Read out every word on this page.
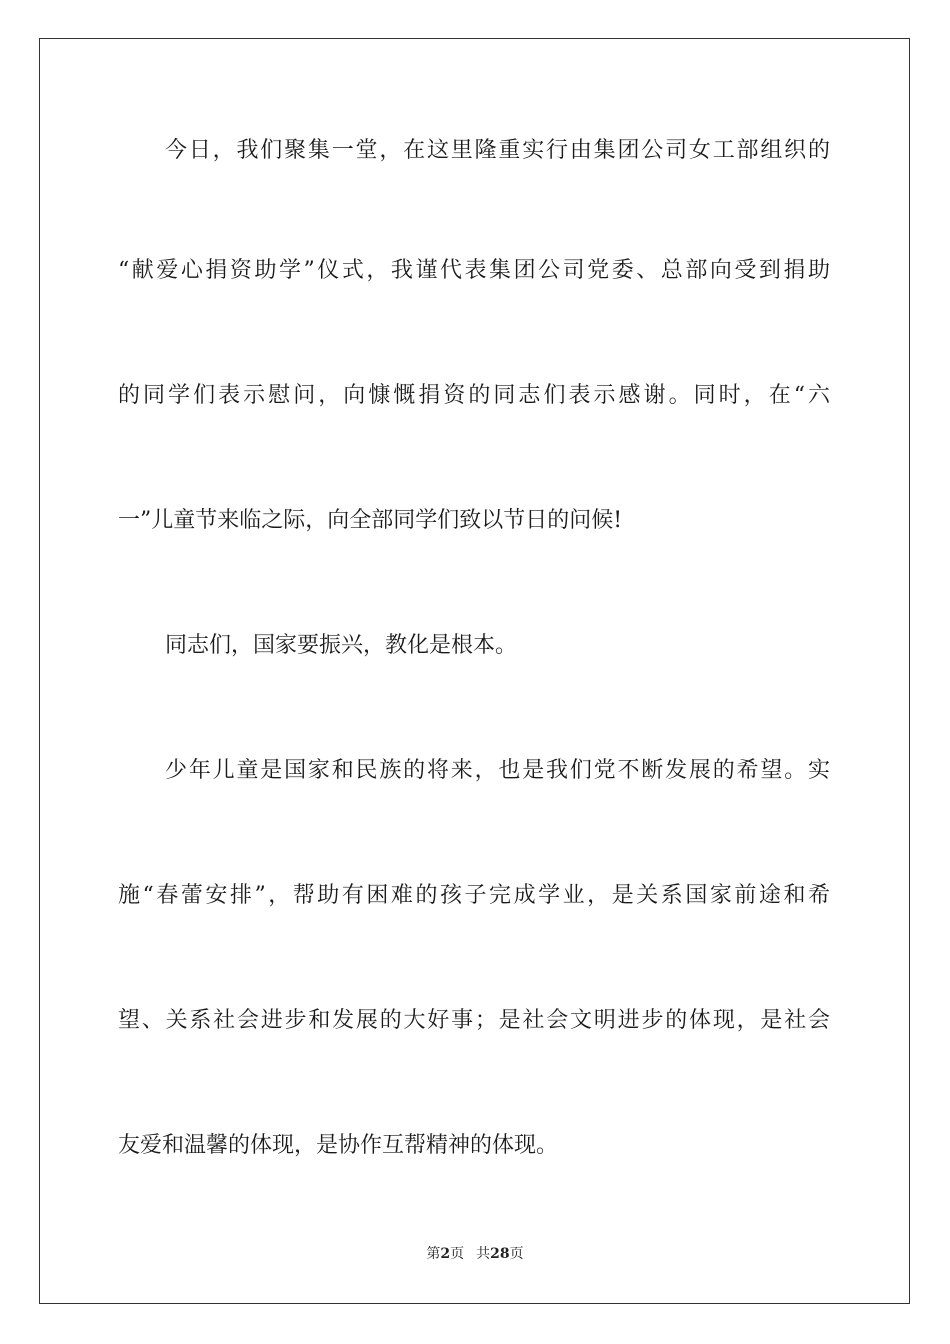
今日，我们聚集一堂，在这里隆重实行由集团公司女工部组织的
“献爱心捐资助学”仪式，我谨代表集团公司党委、总部向受到捐助
的同学们表示慰问，向慷慨捐资的同志们表示感谢。同时，在“六
一”儿童节来临之际，向全部同学们致以节日的问候!
同志们，国家要振兴，教化是根本。
少年儿童是国家和民族的将来，也是我们党不断发展的希望。实
施“春蕾安排”，帮助有困难的孩子完成学业，是关系国家前途和希
望、关系社会进步和发展的大好事；是社会文明进步的体现，是社会
友爱和温馨的体现，是协作互帮精神的体现。
第2页 共28页
